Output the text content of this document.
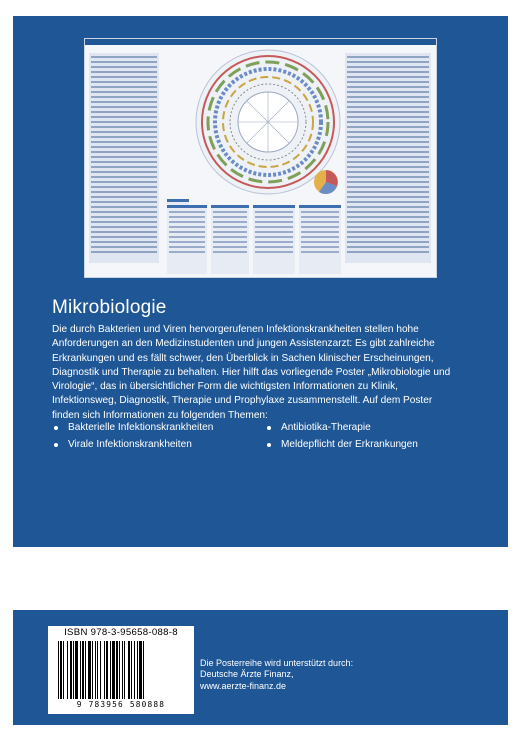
Mikrobiologie

Die durch Bakterien und Viren hervorgerufenen Infektionskrankheiten stellen hohe Anforderungen an den Medizinstudenten und jungen Assistenzarzt: Es gibt zahlreiche Erkrankungen und es fällt schwer, den Überblick in Sachen klinischer Erscheinungen, Diagnostik und Therapie zu behalten. Hier hilft das vorliegende Poster „Mikrobiologie und Virologie“, das in übersichtlicher Form die wichtigsten Informationen zu Klinik, Infektionsweg, Diagnostik, Therapie und Prophylaxe zusammenstellt. Auf dem Poster finden sich Informationen zu folgenden Themen:

Bakterielle Infektionskrankheiten
Virale Infektionskrankheiten
Antibiotika-Therapie
Meldepflicht der Erkrankungen
ISBN 978-3-95658-088-8
9 783956 580888
Die Posterreihe wird unterstützt durch:
Deutsche Ärzte Finanz,
www.aerzte-finanz.de
